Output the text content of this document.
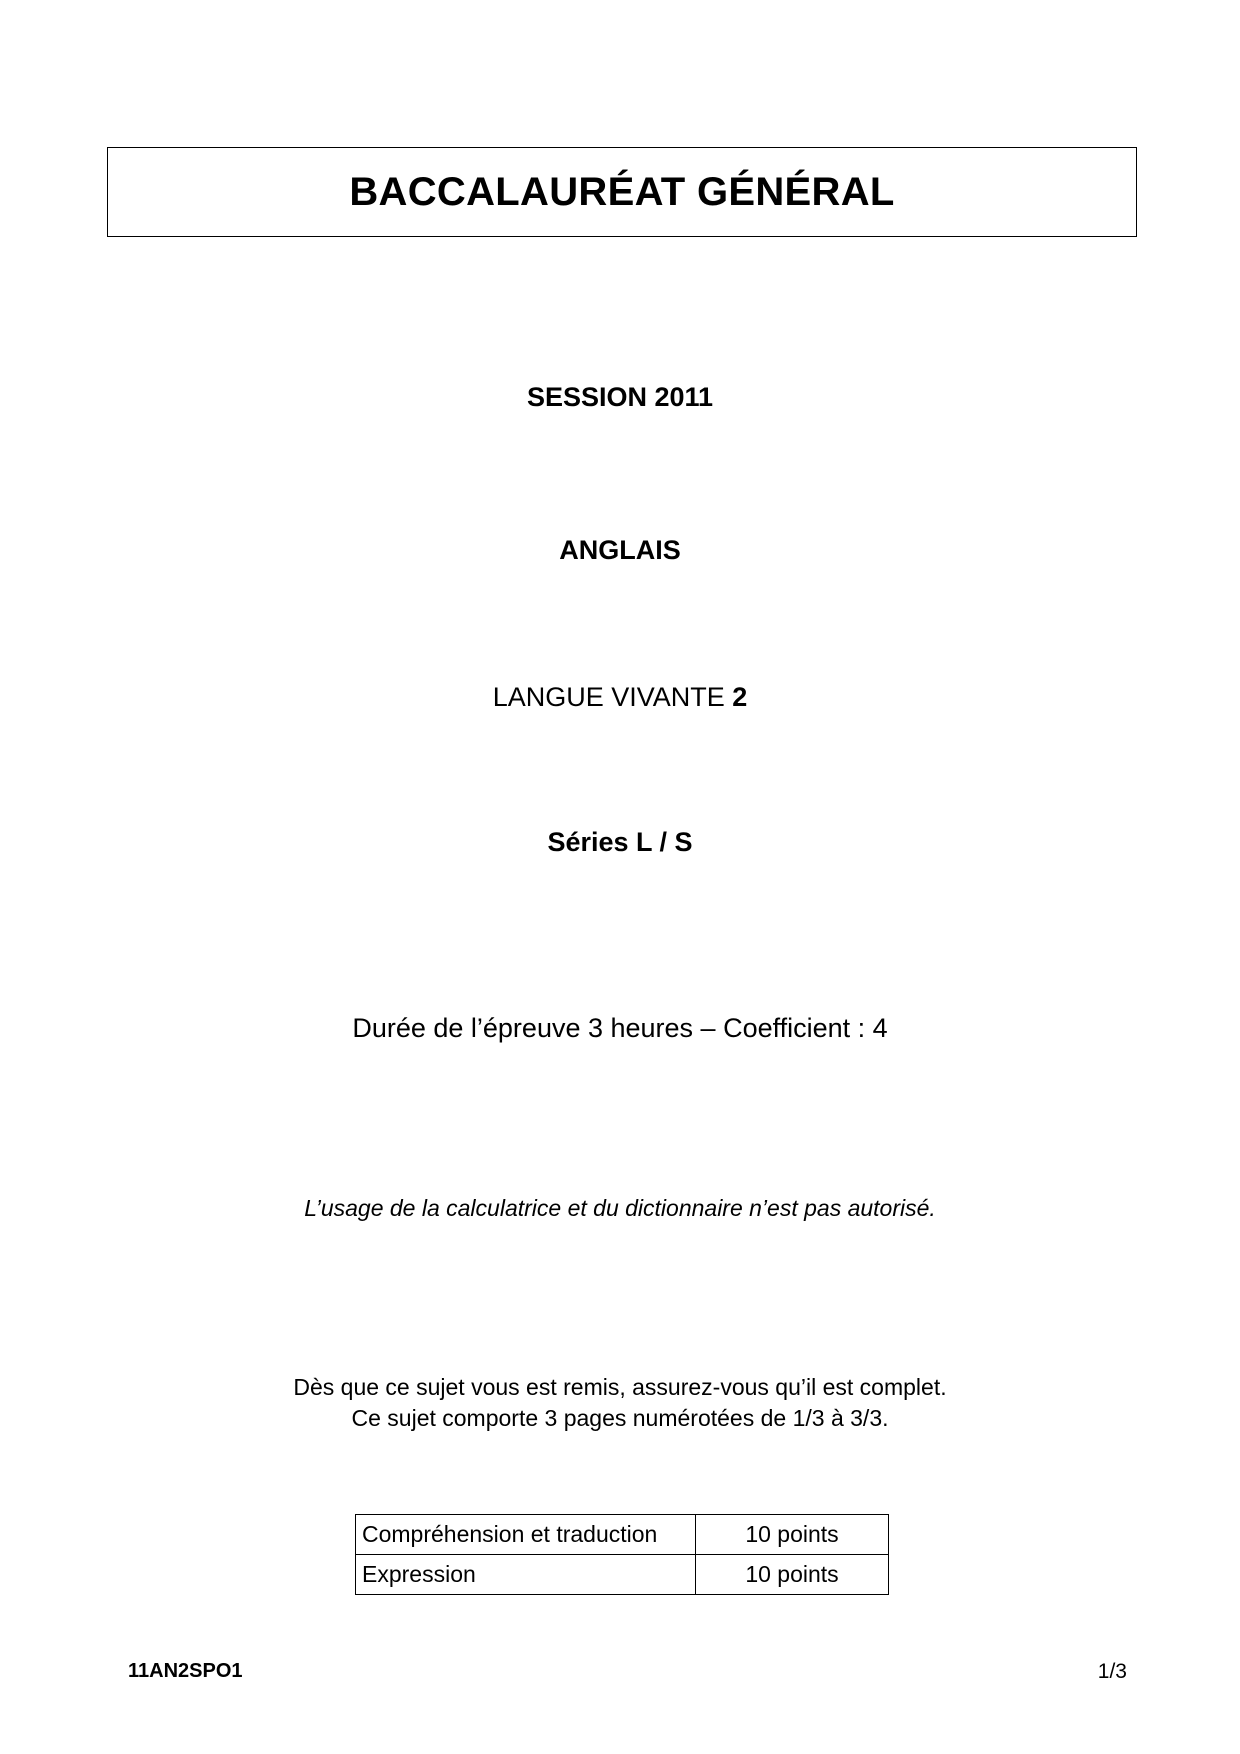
BACCALAURÉAT GÉNÉRAL
SESSION 2011
ANGLAIS
LANGUE VIVANTE 2
Séries L / S
Durée de l’épreuve 3 heures – Coefficient : 4
L’usage de la calculatrice et du dictionnaire n’est pas autorisé.
Dès que ce sujet vous est remis, assurez-vous qu’il est complet.
Ce sujet comporte 3 pages numérotées de 1/3 à 3/3.
Compréhension et traduction	10 points
Expression	10 points
11AN2SPO1	1/3
